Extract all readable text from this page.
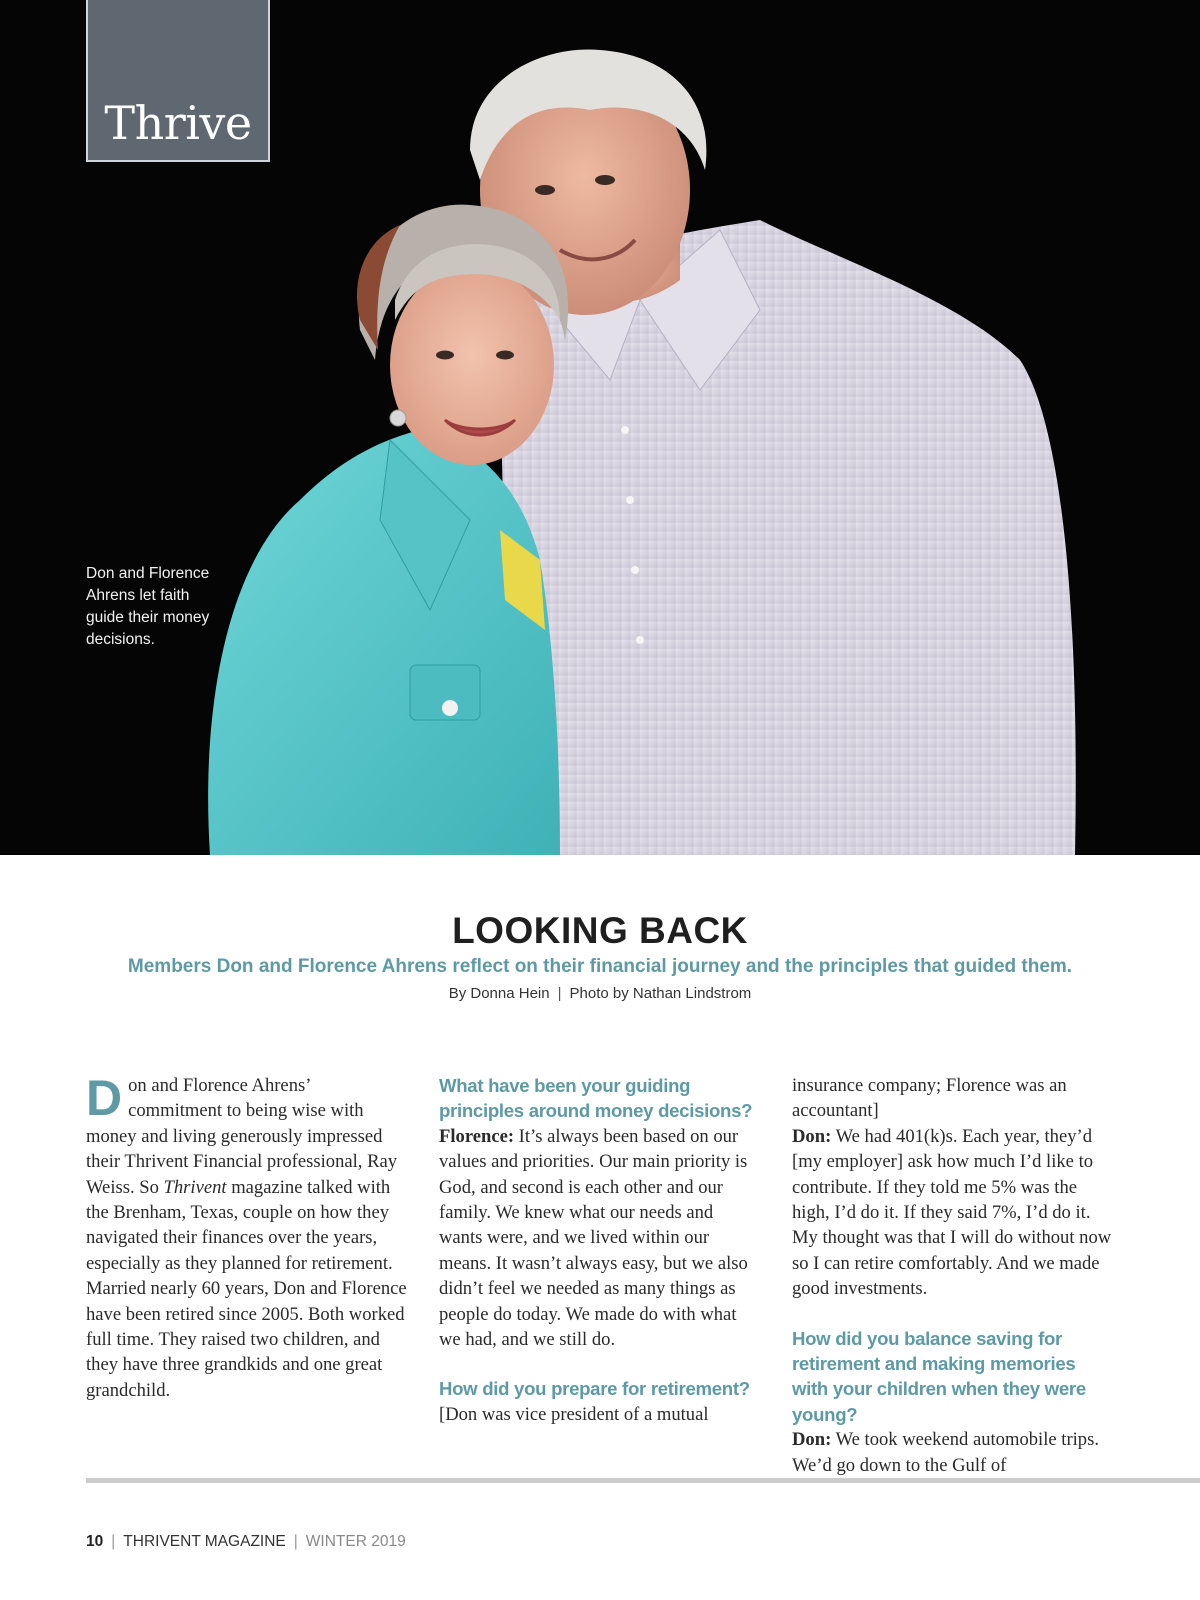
Thrive
Don and Florence Ahrens let faith guide their money decisions.
LOOKING BACK
Members Don and Florence Ahrens reflect on their financial journey and the principles that guided them.
By Donna Hein | Photo by Nathan Lindstrom

Don and Florence Ahrens’ commitment to being wise with money and living generously impressed their Thrivent Financial professional, Ray Weiss. So Thrivent magazine talked with the Brenham, Texas, couple on how they navigated their finances over the years, especially as they planned for retirement. Married nearly 60 years, Don and Florence have been retired since 2005. Both worked full time. They raised two children, and they have three grandkids and one great grandchild.

What have been your guiding principles around money decisions?

Florence: It’s always been based on our values and priorities. Our main priority is God, and second is each other and our family. We knew what our needs and wants were, and we lived within our means. It wasn’t always easy, but we also didn’t feel we needed as many things as people do today. We made do with what we had, and we still do.

How did you prepare for retirement?

[Don was vice president of a mutual

insurance company; Florence was an accountant]

Don: We had 401(k)s. Each year, they’d [my employer] ask how much I’d like to contribute. If they told me 5% was the high, I’d do it. If they said 7%, I’d do it. My thought was that I will do without now so I can retire comfortably. And we made good investments.

How did you balance saving for retirement and making memories with your children when they were young?

Don: We took weekend automobile trips. We’d go down to the Gulf of

10 | THRIVENT MAGAZINE | WINTER 2019
